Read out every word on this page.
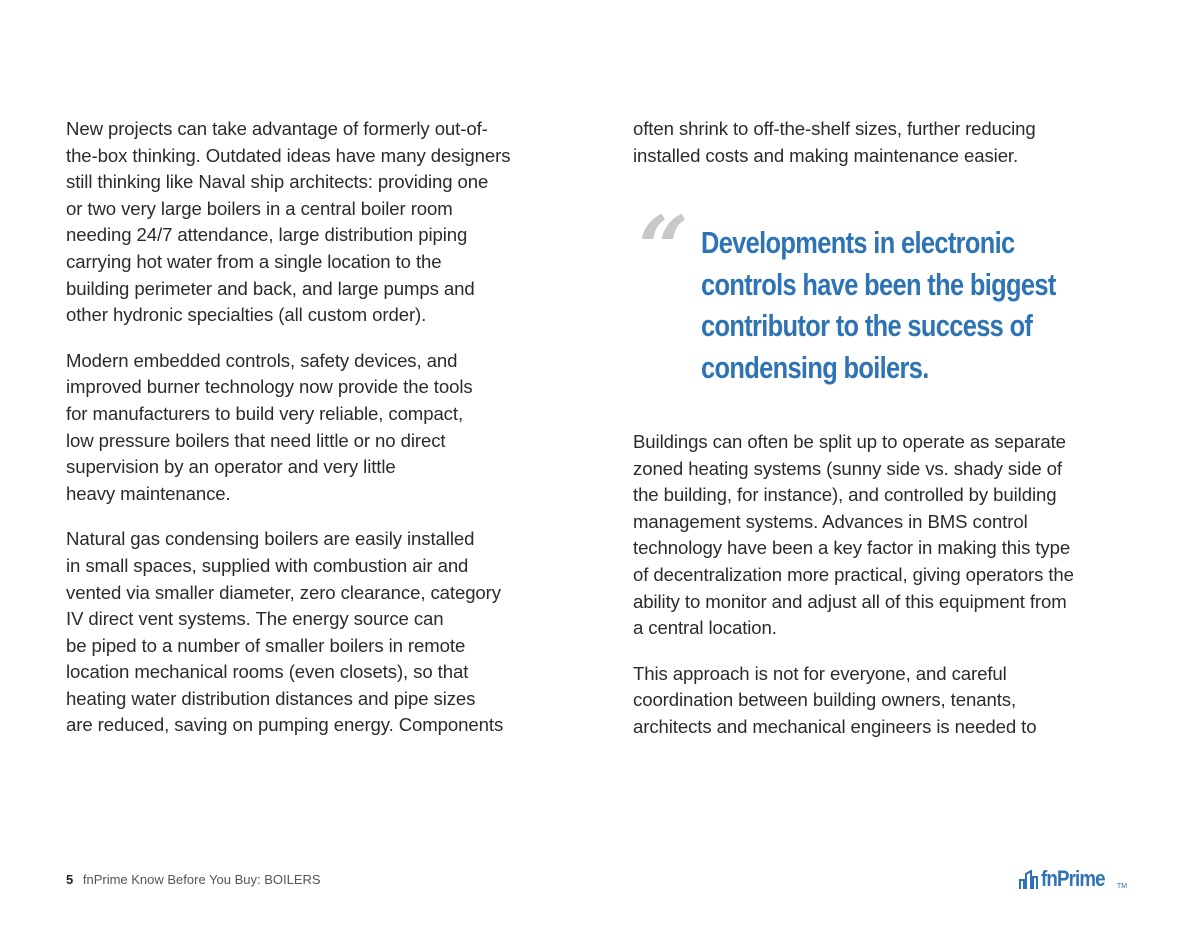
New projects can take advantage of formerly out-of-
the-box thinking. Outdated ideas have many designers
still thinking like Naval ship architects: providing one
or two very large boilers in a central boiler room
needing 24/7 attendance, large distribution piping
carrying hot water from a single location to the
building perimeter and back, and large pumps and
other hydronic specialties (all custom order).
Modern embedded controls, safety devices, and
improved burner technology now provide the tools
for manufacturers to build very reliable, compact,
low pressure boilers that need little or no direct
supervision by an operator and very little
heavy maintenance.
Natural gas condensing boilers are easily installed
in small spaces, supplied with combustion air and
vented via smaller diameter, zero clearance, category
IV direct vent systems. The energy source can
be piped to a number of smaller boilers in remote
location mechanical rooms (even closets), so that
heating water distribution distances and pipe sizes
are reduced, saving on pumping energy. Components
often shrink to off-the-shelf sizes, further reducing
installed costs and making maintenance easier.
“ Developments in electronic
controls have been the biggest
contributor to the success of
condensing boilers.
Buildings can often be split up to operate as separate
zoned heating systems (sunny side vs. shady side of
the building, for instance), and controlled by building
management systems. Advances in BMS control
technology have been a key factor in making this type
of decentralization more practical, giving operators the
ability to monitor and adjust all of this equipment from
a central location.
This approach is not for everyone, and careful
coordination between building owners, tenants,
architects and mechanical engineers is needed to
5 fnPrime Know Before You Buy: BOILERS	fnPrime TM
